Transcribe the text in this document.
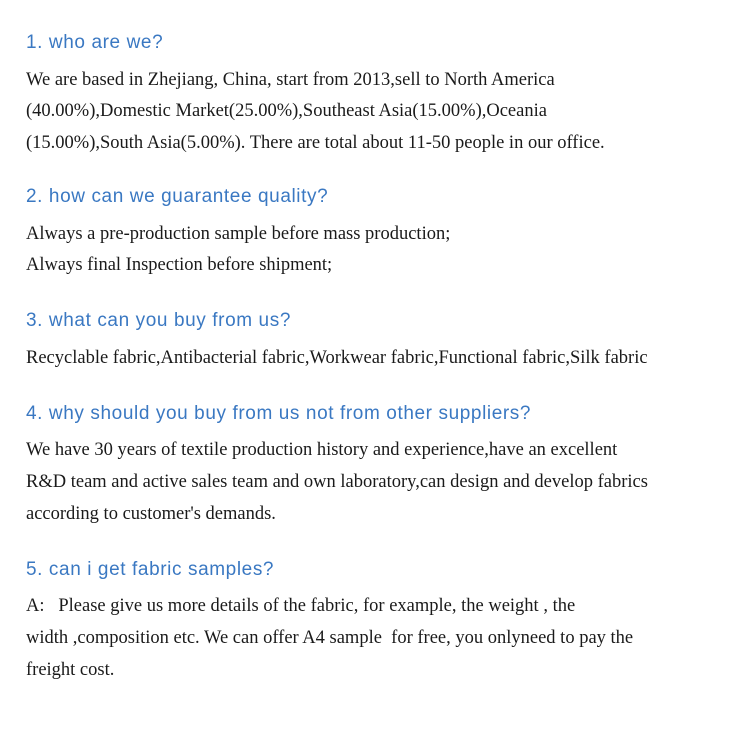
1. who are we?

We are based in Zhejiang, China, start from 2013,sell to North America
(40.00%),Domestic Market(25.00%),Southeast Asia(15.00%),Oceania
(15.00%),South Asia(5.00%). There are total about 11-50 people in our office.

2. how can we guarantee quality?

Always a pre-production sample before mass production;
Always final Inspection before shipment;

3. what can you buy from us?

Recyclable fabric,Antibacterial fabric,Workwear fabric,Functional fabric,Silk fabric

4. why should you buy from us not from other suppliers?

We have 30 years of textile production history and experience,have an excellent
R&D team and active sales team and own laboratory,can design and develop fabrics
according to customer's demands.

5. can i get fabric samples?

A:   Please give us more details of the fabric, for example, the weight , the
width ,composition etc. We can offer A4 sample  for free, you onlyneed to pay the
freight cost.
